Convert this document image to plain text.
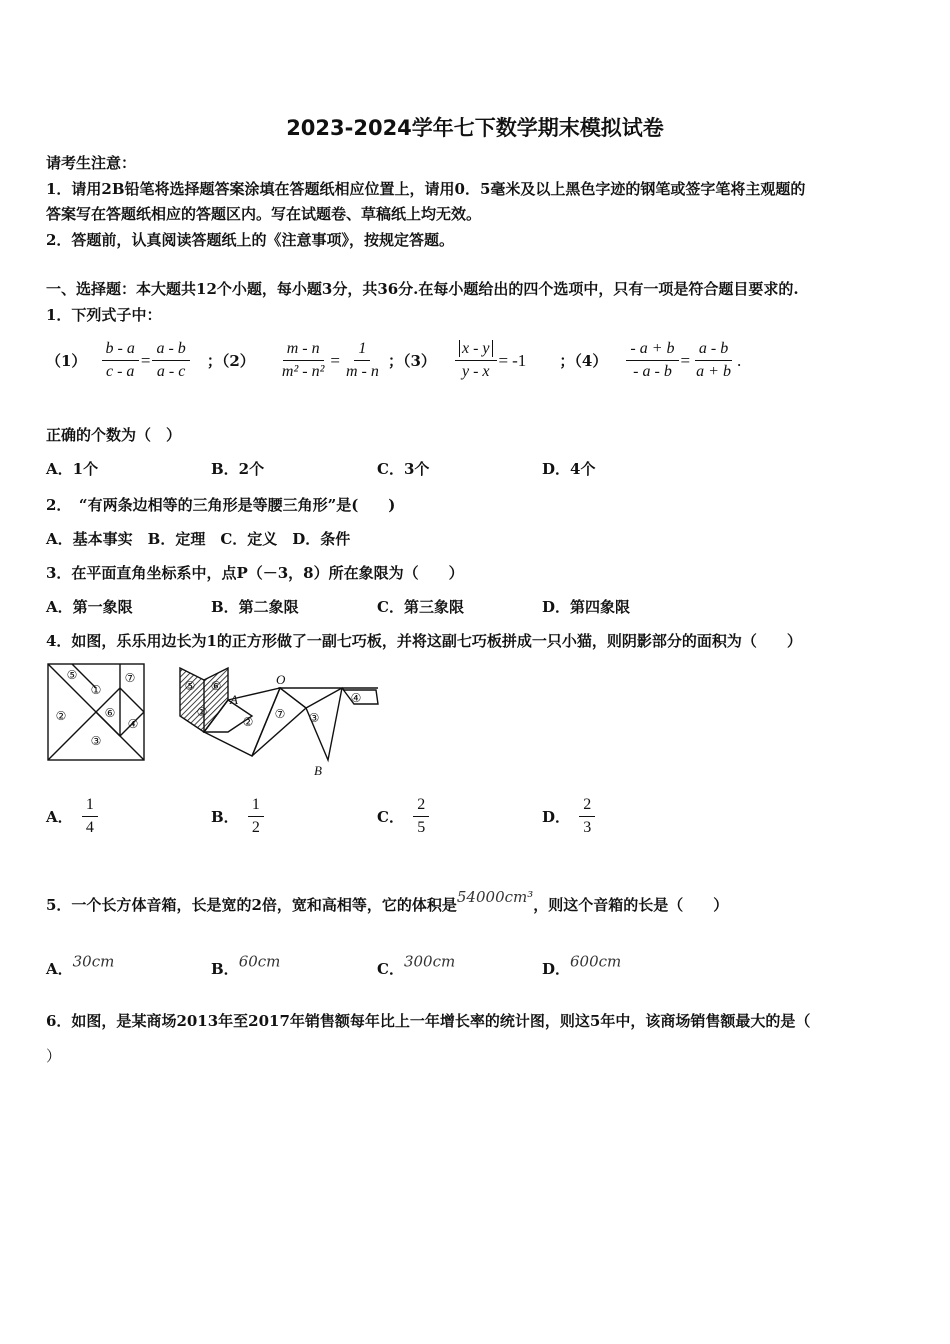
2023-2024学年七下数学期末模拟试卷
请考生注意：
1．请用2B铅笔将选择题答案涂填在答题纸相应位置上，请用0．5毫米及以上黑色字迹的钢笔或签字笔将主观题的
答案写在答题纸相应的答题区内。写在试题卷、草稿纸上均无效。
2．答题前，认真阅读答题纸上的《注意事项》，按规定答题。
一、选择题：本大题共12个小题，每小题3分，共36分.在每小题给出的四个选项中，只有一项是符合题目要求的.
1．下列式子中：
$(1) \frac{b - a}{c - a} = \frac{a - b}{a - c}$ ；$(2) \frac{m - n}{\text{m² - n²}} = \frac{1}{m - n}$ ；$(3) \frac{x - y}{y - x} = -1$ ；$(4) \frac{- a + b}{- a - b} = \frac{a - b}{a + b}$ .
正确的个数为（　）
A．1个	B．2个	C．3个	D．4个
2．　“有两条边相等的三角形是等腰三角形”是(　　)
A．基本事实　B．定理　C．定义　D．条件
3．在平面直角坐标系中，点P（－3，8）所在象限为（　　）
A．第一象限	B．第二象限	C．第三象限	D．第四象限
4．如图，乐乐用边长为1的正方形做了一副七巧板，并将这副七巧板拼成一只小猫，则阴影部分的面积为（　　）
⑤
①
⑦
②	⑥
④
③
⑤ ⑥
①
②
⑦ ③
④
A
O
B
A． $\frac{1}{4}$	B． $\frac{1}{2}$	C． $\frac{2}{5}$	D． $\frac{2}{3}$
5．一个长方体音箱，长是宽的2倍，宽和高相等，它的体积是54000cm³，则这个音箱的长是（　　）
A．30cm	B．60cm	C．300cm	D．600cm
6．如图，是某商场2013年至2017年销售额每年比上一年增长率的统计图，则这5年中，该商场销售额最大的是（
）
